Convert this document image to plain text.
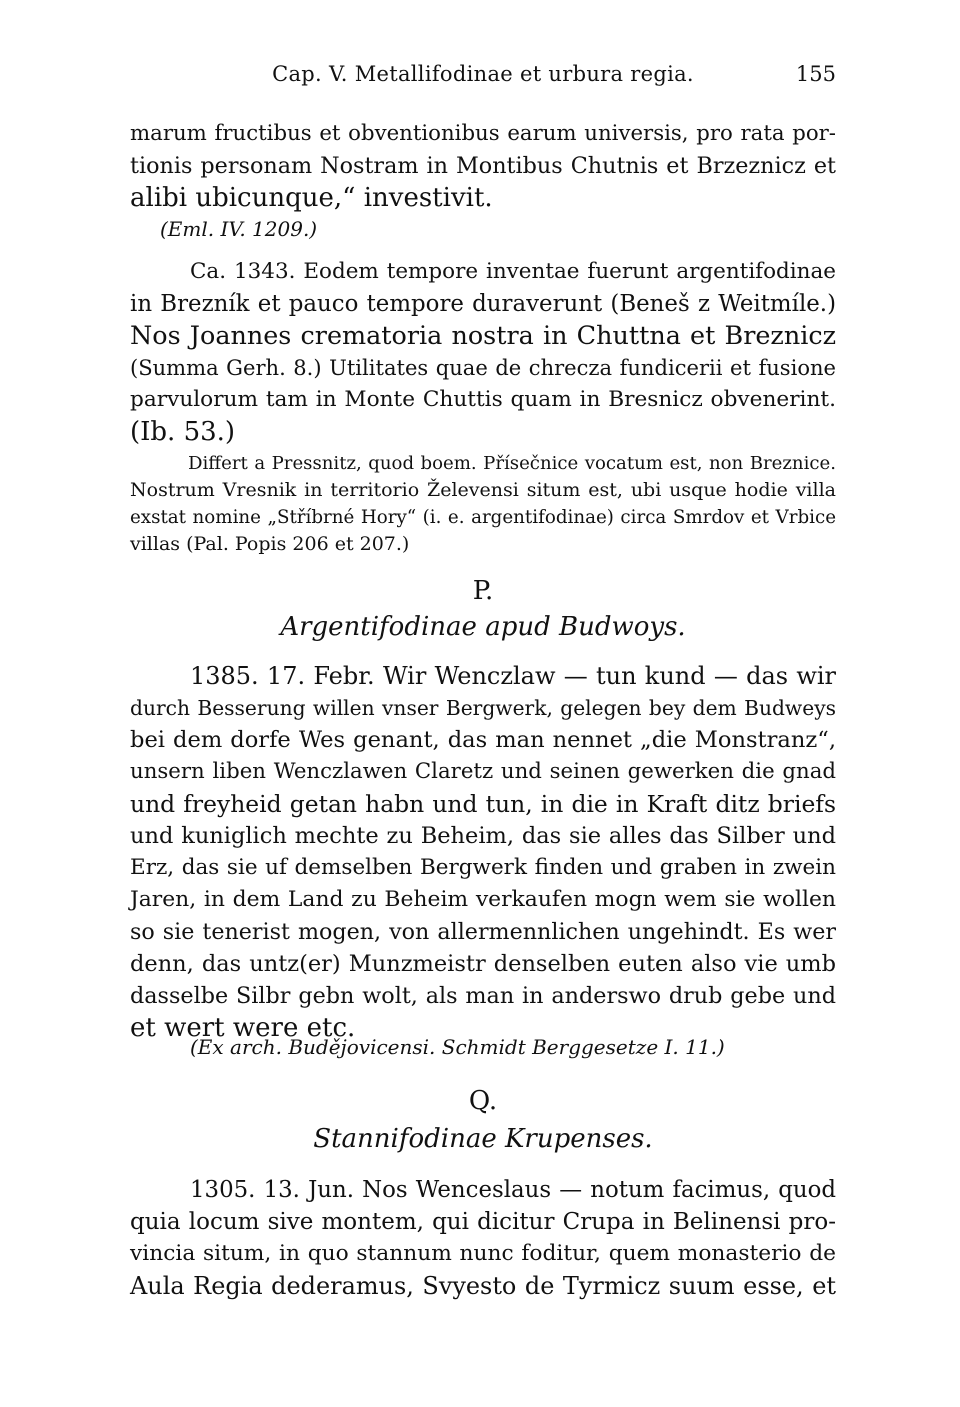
Cap. V. Metallifodinae et urbura regia.	155
marum fructibus et obventionibus earum universis, pro rata por-
tionis personam Nostram in Montibus Chutnis et Brzeznicz et
alibi ubicunque,“ investivit.
(Eml. IV. 1209.)
Ca. 1343. Eodem tempore inventae fuerunt argentifodinae
in Brezník et pauco tempore duraverunt (Beneš z Weitmíle.)
Nos Joannes crematoria nostra in Chuttna et Breznicz
(Summa Gerh. 8.) Utilitates quae de chrecza fundicerii et fusione
parvulorum tam in Monte Chuttis quam in Bresnicz obvenerint.
(Ib. 53.)
Differt a Pressnitz, quod boem. Přísečnice vocatum est, non Breznice.
Nostrum Vresnik in territorio Želevensi situm est, ubi usque hodie villa
exstat nomine „Stříbrné Hory“ (i. e. argentifodinae) circa Smrdov et Vrbice
villas (Pal. Popis 206 et 207.)
P.
Argentifodinae apud Budwoys.
1385. 17. Febr. Wir Wenczlaw — tun kund — das wir
durch Besserung willen vnser Bergwerk, gelegen bey dem Budweys
bei dem dorfe Wes genant, das man nennet „die Monstranz“,
unsern liben Wenczlawen Claretz und seinen gewerken die gnad
und freyheid getan habn und tun, in die in Kraft ditz briefs
und kuniglich mechte zu Beheim, das sie alles das Silber und
Erz, das sie uf demselben Bergwerk finden und graben in zwein
Jaren, in dem Land zu Beheim verkaufen mogn wem sie wollen
so sie tenerist mogen, von allermennlichen ungehindt. Es wer
denn, das untz(er) Munzmeistr denselben euten also vie umb
dasselbe Silbr gebn wolt, als man in anderswo drub gebe und
et wert were etc.
(Ex arch. Budějovicensi. Schmidt Berggesetze I. 11.)
Q.
Stannifodinae Krupenses.
1305. 13. Jun. Nos Wenceslaus — notum facimus, quod
quia locum sive montem, qui dicitur Crupa in Belinensi pro-
vincia situm, in quo stannum nunc foditur, quem monasterio de
Aula Regia dederamus, Svyesto de Tyrmicz suum esse, et
